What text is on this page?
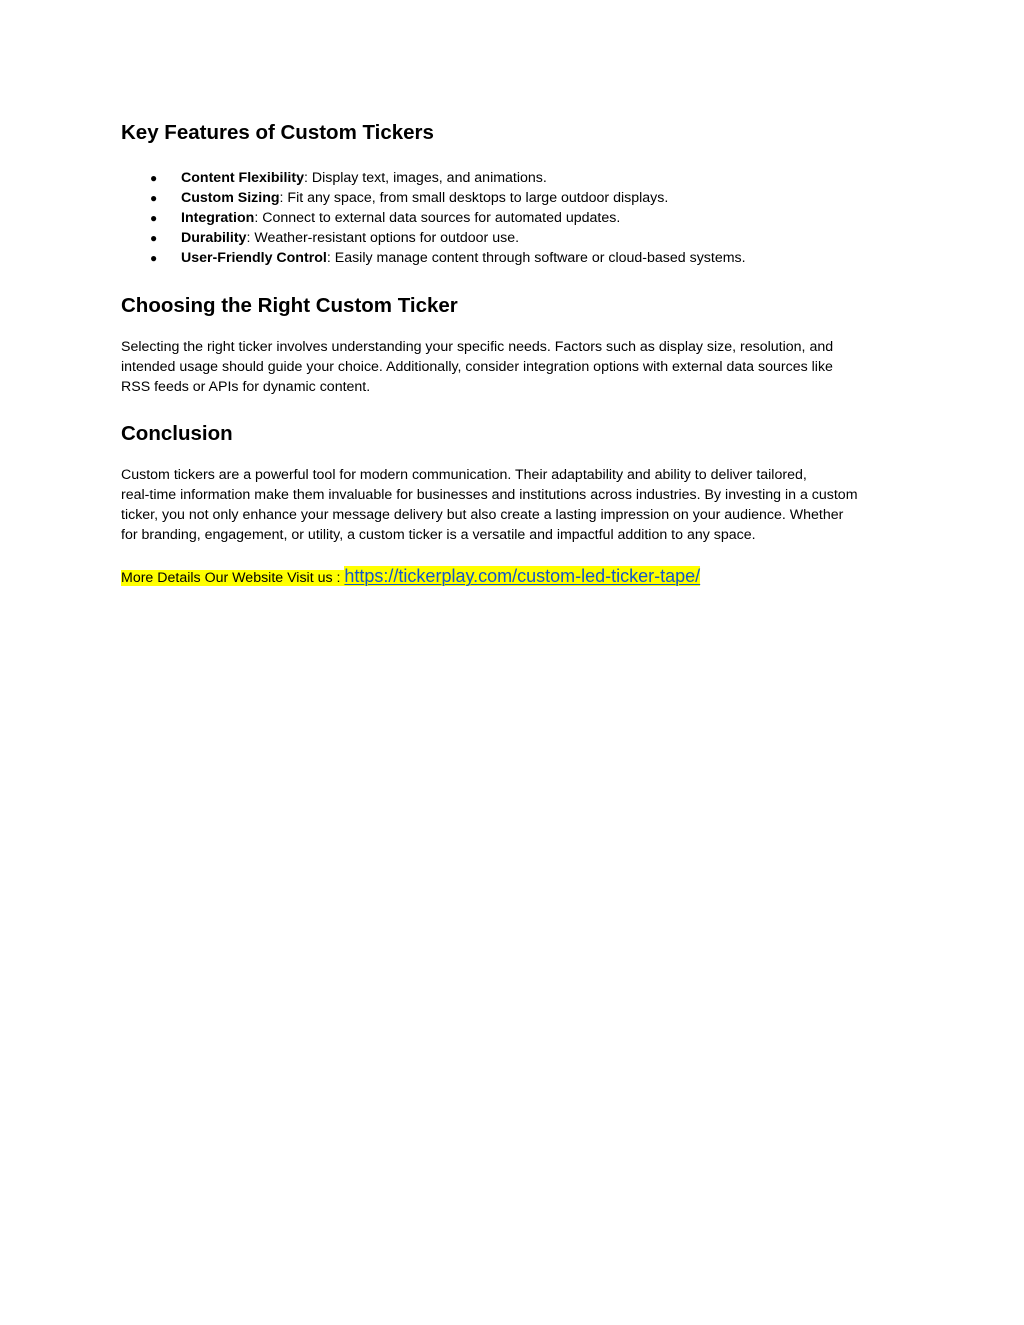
Key Features of Custom Tickers
● Content Flexibility: Display text, images, and animations.
● Custom Sizing: Fit any space, from small desktops to large outdoor displays.
● Integration: Connect to external data sources for automated updates.
● Durability: Weather-resistant options for outdoor use.
● User-Friendly Control: Easily manage content through software or cloud-based systems.
Choosing the Right Custom Ticker

Selecting the right ticker involves understanding your specific needs. Factors such as display size, resolution, and
intended usage should guide your choice. Additionally, consider integration options with external data sources like
RSS feeds or APIs for dynamic content.

Conclusion

Custom tickers are a powerful tool for modern communication. Their adaptability and ability to deliver tailored,
real-time information make them invaluable for businesses and institutions across industries. By investing in a custom
ticker, you not only enhance your message delivery but also create a lasting impression on your audience. Whether
for branding, engagement, or utility, a custom ticker is a versatile and impactful addition to any space.

More Details Our Website Visit us : https://tickerplay.com/custom-led-ticker-tape/
